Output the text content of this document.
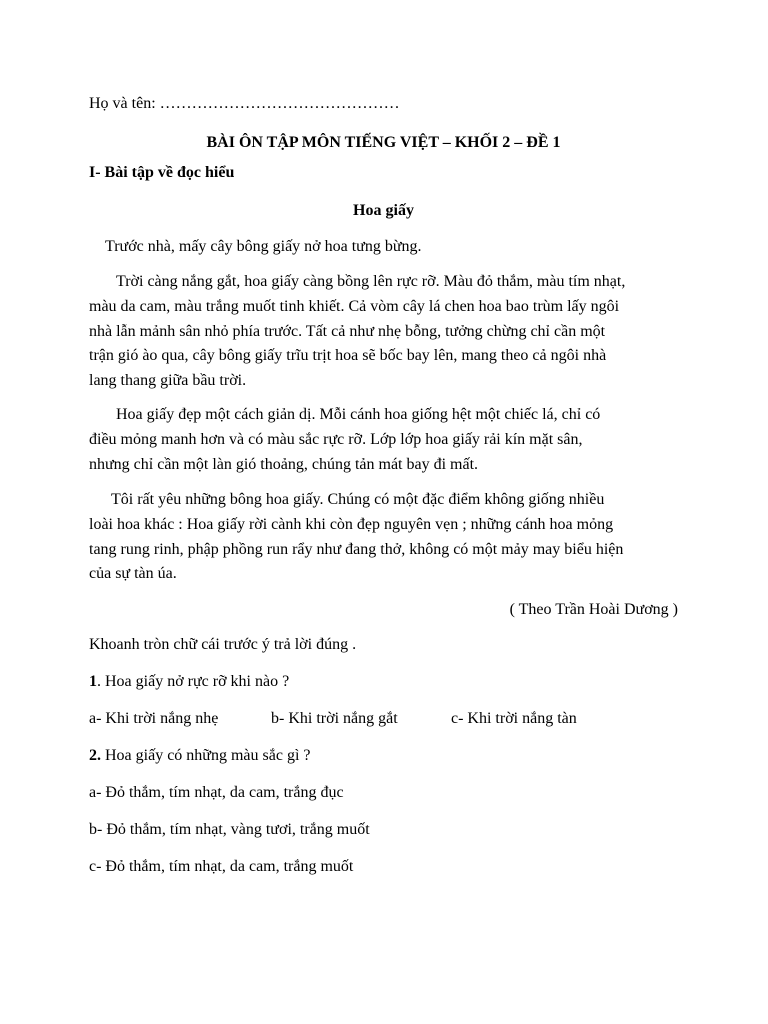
Họ và tên: ………………………………………
BÀI ÔN TẬP MÔN TIẾNG VIỆT – KHỐI 2 – ĐỀ 1
I- Bài tập về đọc hiểu
Hoa giấy
Trước nhà, mấy cây bông giấy nở hoa tưng bừng.
Trời càng nắng gắt, hoa giấy càng bồng lên rực rỡ. Màu đỏ thắm, màu tím nhạt,
màu da cam, màu trắng muốt tinh khiết. Cả vòm cây lá chen hoa bao trùm lấy ngôi
nhà lẫn mảnh sân nhỏ phía trước. Tất cả như nhẹ bỗng, tưởng chừng chỉ cần một
trận gió ào qua, cây bông giấy trĩu trịt hoa sẽ bốc bay lên, mang theo cả ngôi nhà
lang thang giữa bầu trời.
Hoa giấy đẹp một cách giản dị. Mỗi cánh hoa giống hệt một chiếc lá, chỉ có
điều mỏng manh hơn và có màu sắc rực rỡ. Lớp lớp hoa giấy rải kín mặt sân,
nhưng chỉ cần một làn gió thoảng, chúng tản mát bay đi mất.
Tôi rất yêu những bông hoa giấy. Chúng có một đặc điểm không giống nhiều
loài hoa khác : Hoa giấy rời cành khi còn đẹp nguyên vẹn ; những cánh hoa mỏng
tang rung rinh, phập phồng run rẩy như đang thở, không có một mảy may biểu hiện
của sự tàn úa.
( Theo Trần Hoài Dương )
Khoanh tròn chữ cái trước ý trả lời đúng .
1. Hoa giấy nở rực rỡ khi nào ?
a- Khi trời nắng nhẹ	b- Khi trời nắng gắt	c- Khi trời nắng tàn
2. Hoa giấy có những màu sắc gì ?
a- Đỏ thắm, tím nhạt, da cam, trắng đục
b- Đỏ thắm, tím nhạt, vàng tươi, trắng muốt
c- Đỏ thắm, tím nhạt, da cam, trắng muốt
